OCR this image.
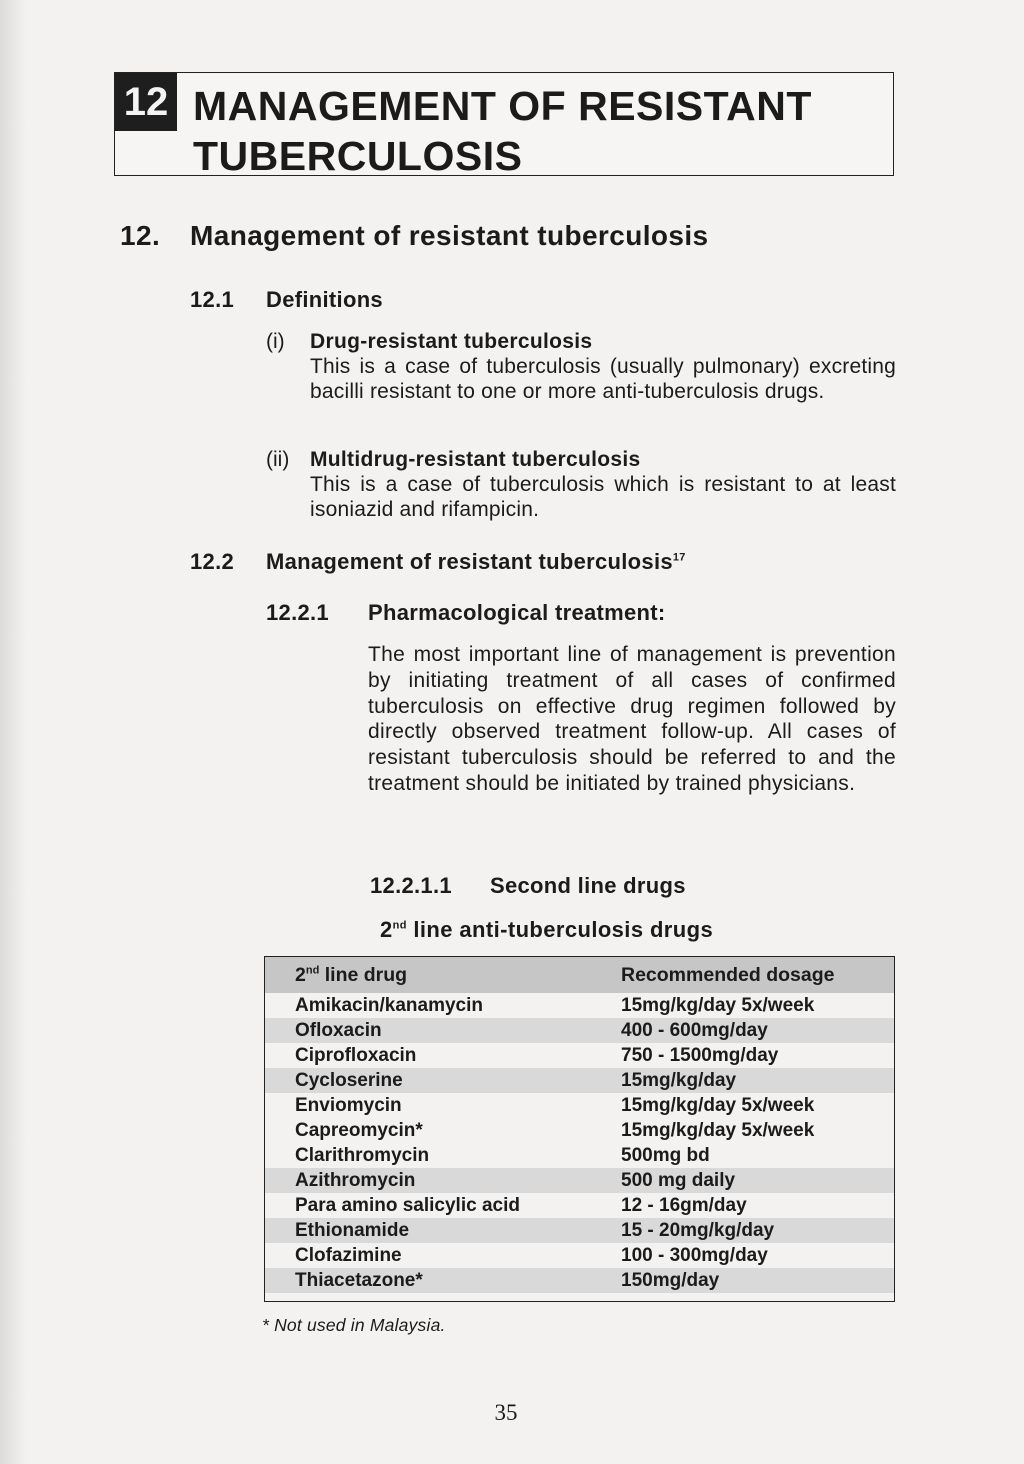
12 MANAGEMENT OF RESISTANT
TUBERCULOSIS
12. Management of resistant tuberculosis
12.1 Definitions
(i)	Drug-resistant tuberculosis
This is a case of tuberculosis (usually pulmonary) excreting bacilli resistant to one or more anti-tuberculosis drugs.
(ii) Multidrug-resistant tuberculosis
This is a case of tuberculosis which is resistant to at least isoniazid and rifampicin.
12.2 Management of resistant tuberculosis$^{17}$
12.2.1 Pharmacological treatment:
The most important line of management is prevention by initiating treatment of all cases of confirmed tuberculosis on effective drug regimen followed by directly observed treatment follow-up. All cases of resistant tuberculosis should be referred to and the treatment should be initiated by trained physicians.
12.2.1.1 Second line drugs
2nd line anti-tuberculosis drugs
2nd line drug	Recommended dosage
Amikacin/kanamycin	15mg/kg/day 5x/week
Ofloxacin	400 - 600mg/day
Ciprofloxacin	750 - 1500mg/day
Cycloserine	15mg/kg/day
Enviomycin	15mg/kg/day 5x/week
Capreomycin*	15mg/kg/day 5x/week
Clarithromycin	500mg bd
Azithromycin	500 mg daily
Para amino salicylic acid	12 - 16gm/day
Ethionamide	15 - 20mg/kg/day
Clofazimine	100 - 300mg/day
Thiacetazone*	150mg/day
* Not used in Malaysia.
35
